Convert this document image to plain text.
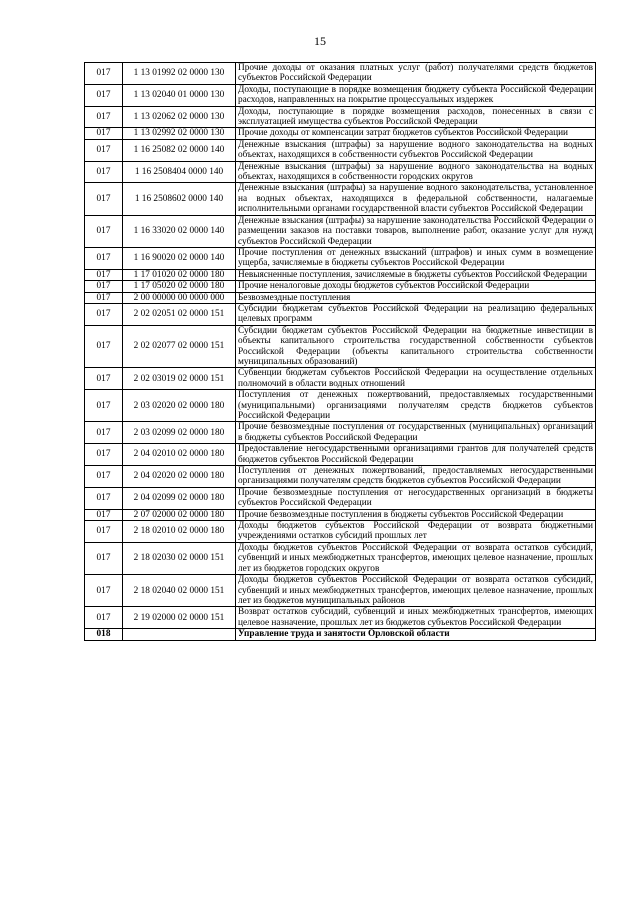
15
017	1 13 01992 02 0000 130	Прочие доходы от оказания платных услуг (работ) получателями средств бюджетов субъектов Российской Федерации
017	1 13 02040 01 0000 130	Доходы, поступающие в порядке возмещения бюджету субъекта Российской Федерации расходов, направленных на покрытие процессуальных издержек
017	1 13 02062 02 0000 130	Доходы, поступающие в порядке возмещения расходов, понесенных в связи с эксплуатацией имущества субъектов Российской Федерации
017	1 13 02992 02 0000 130	Прочие доходы от компенсации затрат бюджетов субъектов Российской Федерации
017	1 16 25082 02 0000 140	Денежные взыскания (штрафы) за нарушение водного законодательства на водных объектах, находящихся в собственности субъектов Российской Федерации
017	1 16 2508404 0000 140	Денежные взыскания (штрафы) за нарушение водного законодательства на водных объектах, находящихся в собственности городских округов
017	1 16 2508602 0000 140	Денежные взыскания (штрафы) за нарушение водного законодательства, установленное на водных объектах, находящихся в федеральной собственности, налагаемые исполнительными органами государственной власти субъектов Российской Федерации
017	1 16 33020 02 0000 140	Денежные взыскания (штрафы) за нарушение законодательства Российской Федерации о размещении заказов на поставки товаров, выполнение работ, оказание услуг для нужд субъектов Российской Федерации
017	1 16 90020 02 0000 140	Прочие поступления от денежных взысканий (штрафов) и иных сумм в возмещение ущерба, зачисляемые в бюджеты субъектов Российской Федерации
017	1 17 01020 02 0000 180	Невыясненные поступления, зачисляемые в бюджеты субъектов Российской Федерации
017	1 17 05020 02 0000 180	Прочие неналоговые доходы бюджетов субъектов Российской Федерации
017	2 00 00000 00 0000 000	Безвозмездные поступления
017	2 02 02051 02 0000 151	Субсидии бюджетам субъектов Российской Федерации на реализацию федеральных целевых программ
017	2 02 02077 02 0000 151	Субсидии бюджетам субъектов Российской Федерации на бюджетные инвестиции в объекты капитального строительства государственной собственности субъектов Российской Федерации (объекты капитального строительства собственности муниципальных образований)
017	2 02 03019 02 0000 151	Субвенции бюджетам субъектов Российской Федерации на осуществление отдельных полномочий в области водных отношений
017	2 03 02020 02 0000 180	Поступления от денежных пожертвований, предоставляемых государственными (муниципальными) организациями получателям средств бюджетов субъектов Российской Федерации
017	2 03 02099 02 0000 180	Прочие безвозмездные поступления от государственных (муниципальных) организаций в бюджеты субъектов Российской Федерации
017	2 04 02010 02 0000 180	Предоставление негосударственными организациями грантов для получателей средств бюджетов субъектов Российской Федерации
017	2 04 02020 02 0000 180	Поступления от денежных пожертвований, предоставляемых негосударственными организациями получателям средств бюджетов субъектов Российской Федерации
017	2 04 02099 02 0000 180	Прочие безвозмездные поступления от негосударственных организаций в бюджеты субъектов Российской Федерации
017	2 07 02000 02 0000 180	Прочие безвозмездные поступления в бюджеты субъектов Российской Федерации
017	2 18 02010 02 0000 180	Доходы бюджетов субъектов Российской Федерации от возврата бюджетными учреждениями остатков субсидий прошлых лет
017	2 18 02030 02 0000 151	Доходы бюджетов субъектов Российской Федерации от возврата остатков субсидий, субвенций и иных межбюджетных трансфертов, имеющих целевое назначение, прошлых лет из бюджетов городских округов
017	2 18 02040 02 0000 151	Доходы бюджетов субъектов Российской Федерации от возврата остатков субсидий, субвенций и иных межбюджетных трансфертов, имеющих целевое назначение, прошлых лет из бюджетов муниципальных районов
017	2 19 02000 02 0000 151	Возврат остатков субсидий, субвенций и иных межбюджетных трансфертов, имеющих целевое назначение, прошлых лет из бюджетов субъектов Российской Федерации
018		Управление труда и занятости Орловской области
